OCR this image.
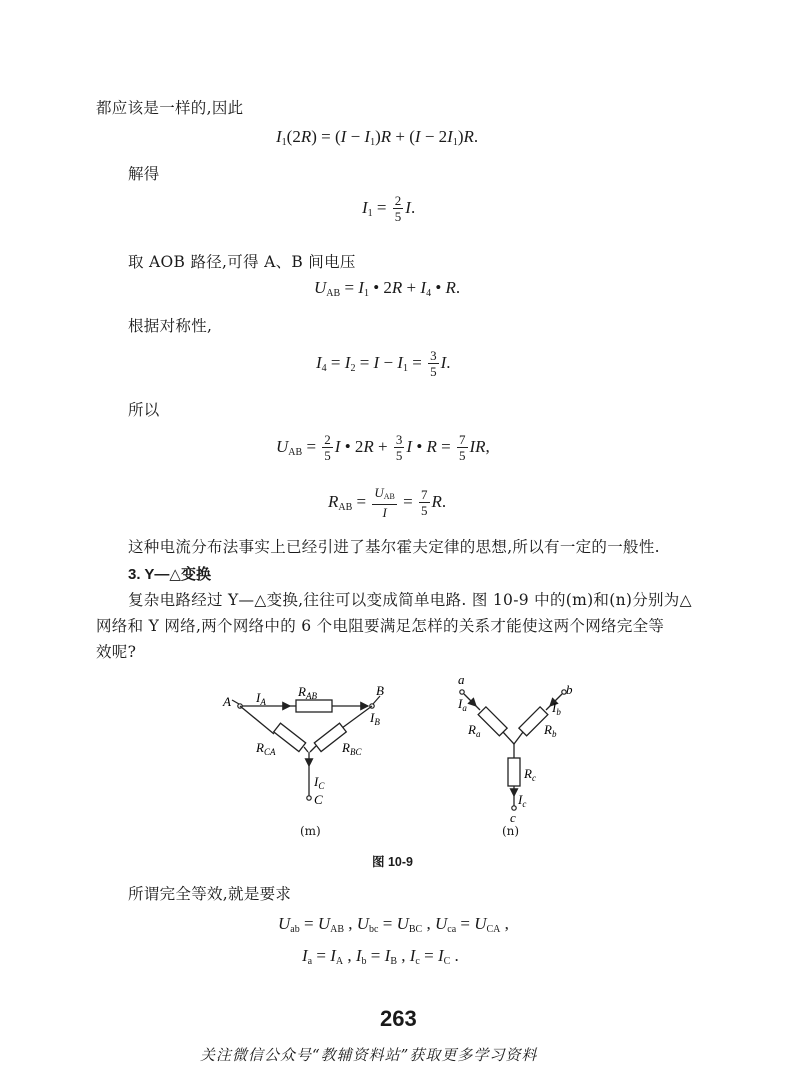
都应该是一样的,因此
$I_1(2R) = (I - I_1)R + (I - 2I_1)R$.
解得
$I_1 = \frac{2}{5} I$.
取 AOB 路径,可得 A、B 间电压
$U_{AB} = I_1$ • $2R + I_4$ • R.
根据对称性,
$I_4 = I_2 = I - I_1 = \frac{3}{5} I$.
所以
$U_{AB} = \frac{2}{5}$ I • $2R + \frac{3}{5}$ I • $R = \frac{7}{5}$ IR,
$R_{AB} = \frac{U_{AB}}{I} = \frac{7}{5} R$.
这种电流分布法事实上已经引进了基尔霍夫定律的思想,所以有一定的一般性.
3. Y—△变换
复杂电路经过 Y—△变换,往往可以变成简单电路. 图 10-9 中的(m)和(n)分别为△
网络和 Y 网络,两个网络中的 6 个电阻要满足怎样的关系才能使这两个网络完全等
效呢?
A $I_A$
$R_{AB}$	B
$I_B$
$R_{CA}$	$R_{BC}$
$I_C$
C
a
$I_a$
$R_a$
b
$I_b$
$R_b$
$R_c$
$I_c$
c
(m)	(n)
图 10-9
所谓完全等效,就是要求
$U_{ab} = U_{AB}$ , $U_{bc} = U_{BC}$ , $U_{ca} = U_{CA}$ ,
$I_a = I_A$ , $I_b = I_B$ , $I_c = I_C$ .
263
关注微信公众号“教辅资料站”获取更多学习资料
